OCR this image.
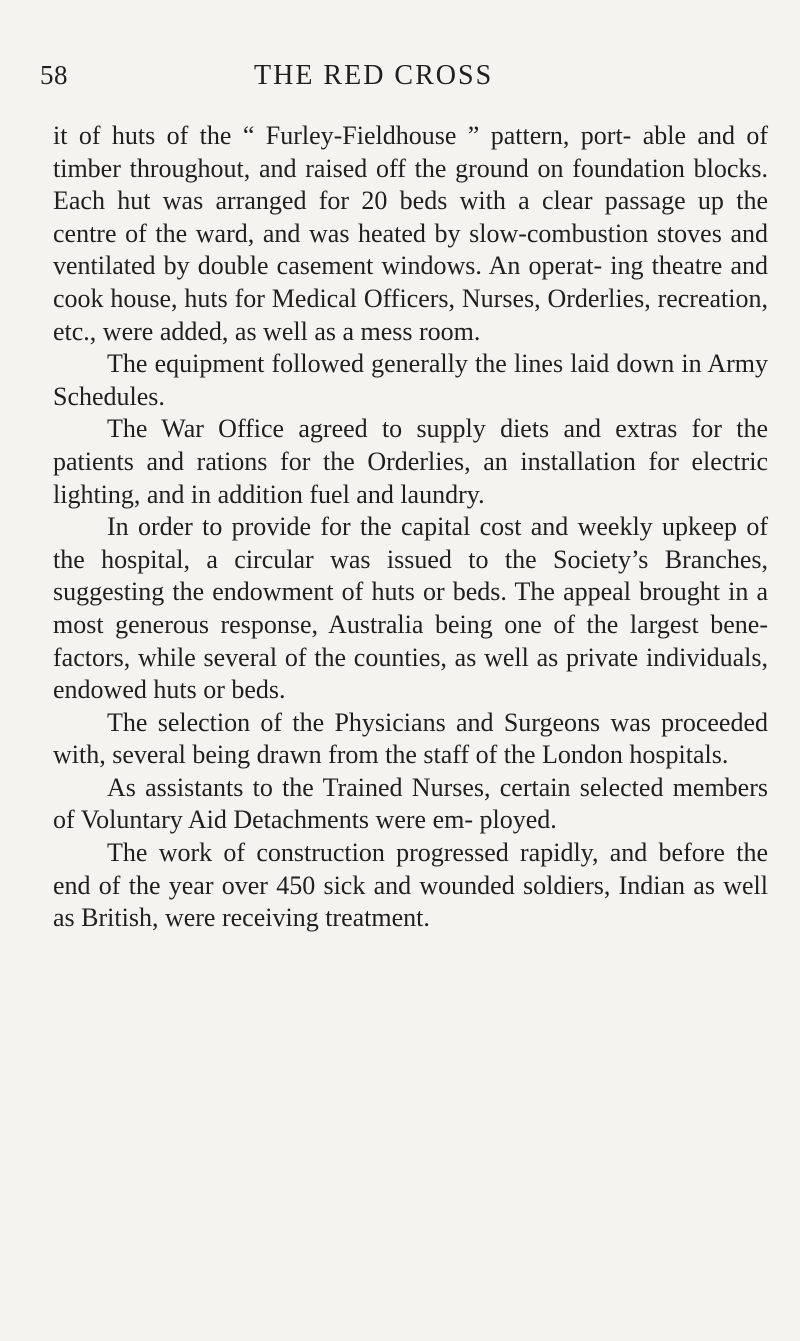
58	THE RED CROSS

it of huts of the “ Furley-Fieldhouse ” pattern, port- able and of timber throughout, and raised off the ground on foundation blocks. Each hut was arranged for 20 beds with a clear passage up the centre of the ward, and was heated by slow-combustion stoves and ventilated by double casement windows. An operat- ing theatre and cook house, huts for Medical Officers, Nurses, Orderlies, recreation, etc., were added, as well as a mess room.

The equipment followed generally the lines laid down in Army Schedules.

The War Office agreed to supply diets and extras for the patients and rations for the Orderlies, an installation for electric lighting, and in addition fuel and laundry.

In order to provide for the capital cost and weekly upkeep of the hospital, a circular was issued to the Society’s Branches, suggesting the endowment of huts or beds. The appeal brought in a most generous response, Australia being one of the largest bene- factors, while several of the counties, as well as private individuals, endowed huts or beds.

The selection of the Physicians and Surgeons was proceeded with, several being drawn from the staff of the London hospitals.

As assistants to the Trained Nurses, certain selected members of Voluntary Aid Detachments were em- ployed.

The work of construction progressed rapidly, and before the end of the year over 450 sick and wounded soldiers, Indian as well as British, were receiving treatment.
